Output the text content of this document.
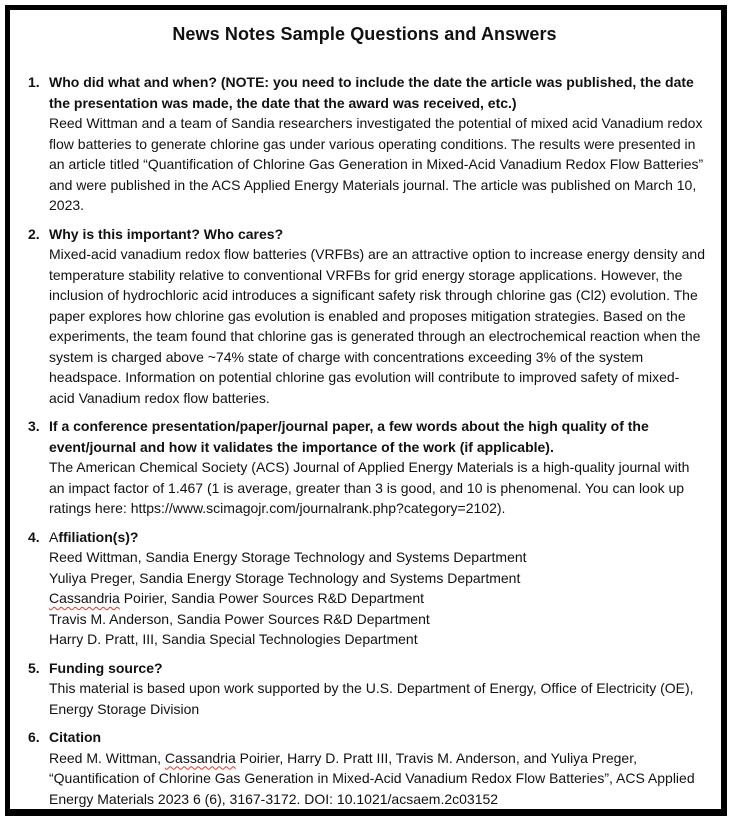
News Notes Sample Questions and Answers
1. Who did what and when? (NOTE: you need to include the date the article was published, the date the presentation was made, the date that the award was received, etc.)
Reed Wittman and a team of Sandia researchers investigated the potential of mixed acid Vanadium redox flow batteries to generate chlorine gas under various operating conditions. The results were presented in an article titled “Quantification of Chlorine Gas Generation in Mixed-Acid Vanadium Redox Flow Batteries” and were published in the ACS Applied Energy Materials journal. The article was published on March 10, 2023.
2. Why is this important? Who cares?
Mixed-acid vanadium redox flow batteries (VRFBs) are an attractive option to increase energy density and temperature stability relative to conventional VRFBs for grid energy storage applications. However, the inclusion of hydrochloric acid introduces a significant safety risk through chlorine gas (Cl2) evolution. The paper explores how chlorine gas evolution is enabled and proposes mitigation strategies. Based on the experiments, the team found that chlorine gas is generated through an electrochemical reaction when the system is charged above ~74% state of charge with concentrations exceeding 3% of the system headspace. Information on potential chlorine gas evolution will contribute to improved safety of mixed-acid Vanadium redox flow batteries.
3. If a conference presentation/paper/journal paper, a few words about the high quality of the event/journal and how it validates the importance of the work (if applicable).
The American Chemical Society (ACS) Journal of Applied Energy Materials is a high-quality journal with an impact factor of 1.467 (1 is average, greater than 3 is good, and 10 is phenomenal. You can look up ratings here: https://www.scimagojr.com/journalrank.php?category=2102).
4. Affiliation(s)?
Reed Wittman, Sandia Energy Storage Technology and Systems Department
Yuliya Preger, Sandia Energy Storage Technology and Systems Department
Cassandria Poirier, Sandia Power Sources R&D Department
Travis M. Anderson, Sandia Power Sources R&D Department
Harry D. Pratt, III, Sandia Special Technologies Department
5. Funding source?
This material is based upon work supported by the U.S. Department of Energy, Office of Electricity (OE), Energy Storage Division
6. Citation
Reed M. Wittman, Cassandria Poirier, Harry D. Pratt III, Travis M. Anderson, and Yuliya Preger, “Quantification of Chlorine Gas Generation in Mixed-Acid Vanadium Redox Flow Batteries”, ACS Applied Energy Materials 2023 6 (6), 3167-3172. DOI: 10.1021/acsaem.2c03152
